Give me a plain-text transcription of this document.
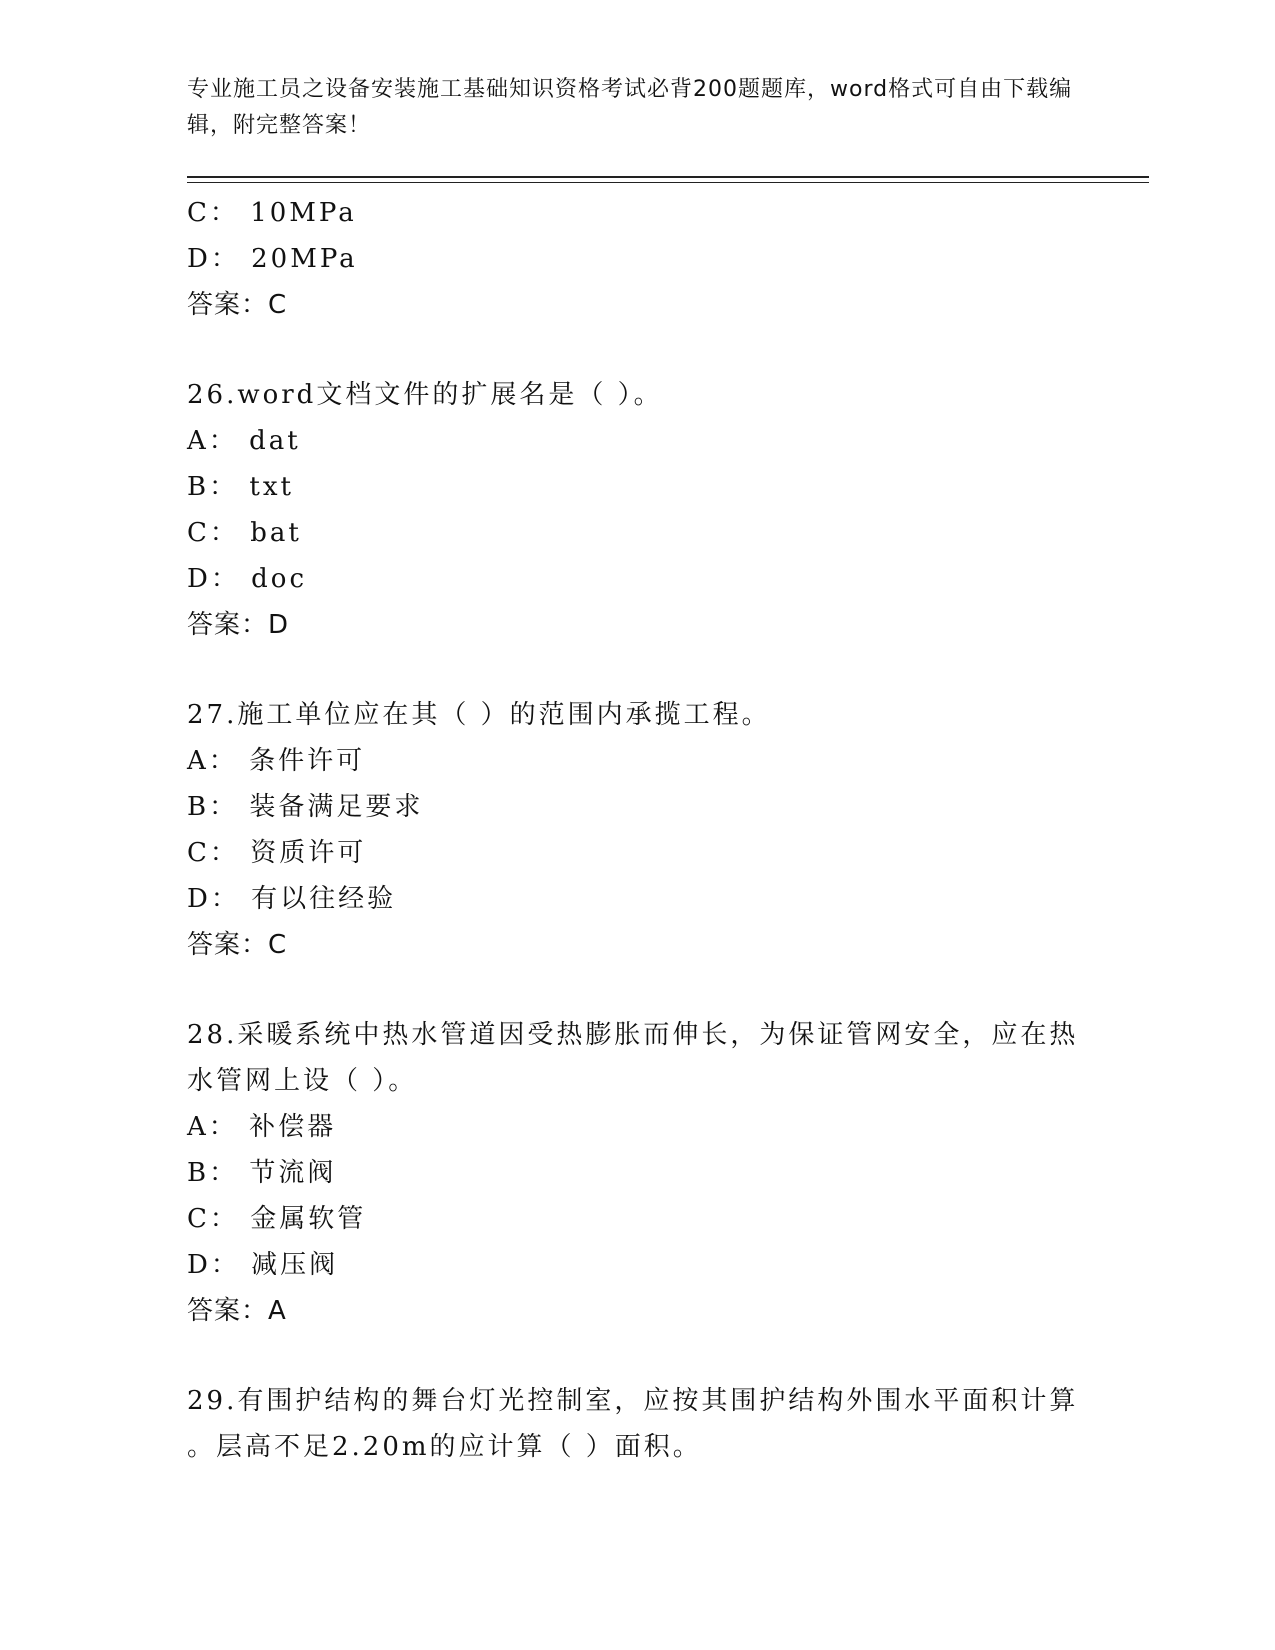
专业施工员之设备安装施工基础知识资格考试必背200题题库，word格式可自由下载编辑，附完整答案！
C： 10MPa
D： 20MPa
答案：C
26.word文档文件的扩展名是（ ）。
A： dat
B： txt
C： bat
D： doc
答案：D
27.施工单位应在其（ ）的范围内承揽工程。
A： 条件许可
B： 装备满足要求
C： 资质许可
D： 有以往经验
答案：C
28.采暖系统中热水管道因受热膨胀而伸长，为保证管网安全，应在热
水管网上设（ ）。
A： 补偿器
B： 节流阀
C： 金属软管
D： 减压阀
答案：A
29.有围护结构的舞台灯光控制室，应按其围护结构外围水平面积计算
。层高不足2.20m的应计算（ ）面积。
